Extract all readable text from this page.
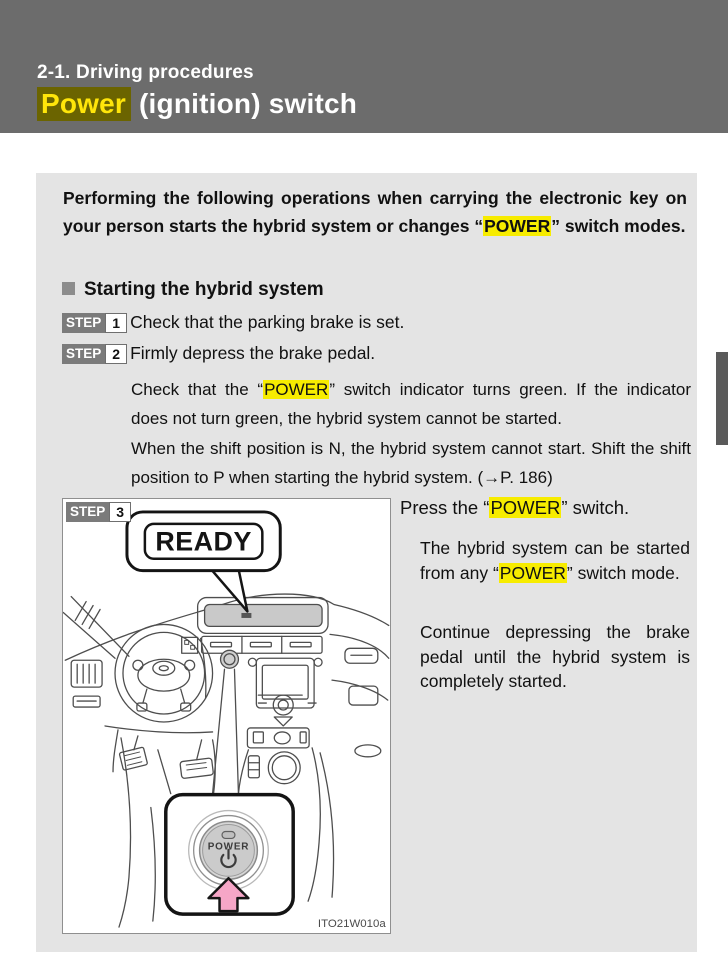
2-1. Driving procedures
Power (ignition) switch

Performing the following operations when carrying the electronic key on your person starts the hybrid system or changes “POWER” switch modes.

Starting the hybrid system
STEP 1 Check that the parking brake is set.
STEP 2 Firmly depress the brake pedal.

Check that the “POWER” switch indicator turns green. If the indicator does not turn green, the hybrid system cannot be started.

When the shift position is N, the hybrid system cannot start. Shift the shift position to P when starting the hybrid system. (→P. 186)

READY
POWER
ITO21W010a
STEP 3	Press the “POWER” switch.

The hybrid system can be started from any “POWER” switch mode.

Continue depressing the brake pedal until the hybrid system is completely started.
